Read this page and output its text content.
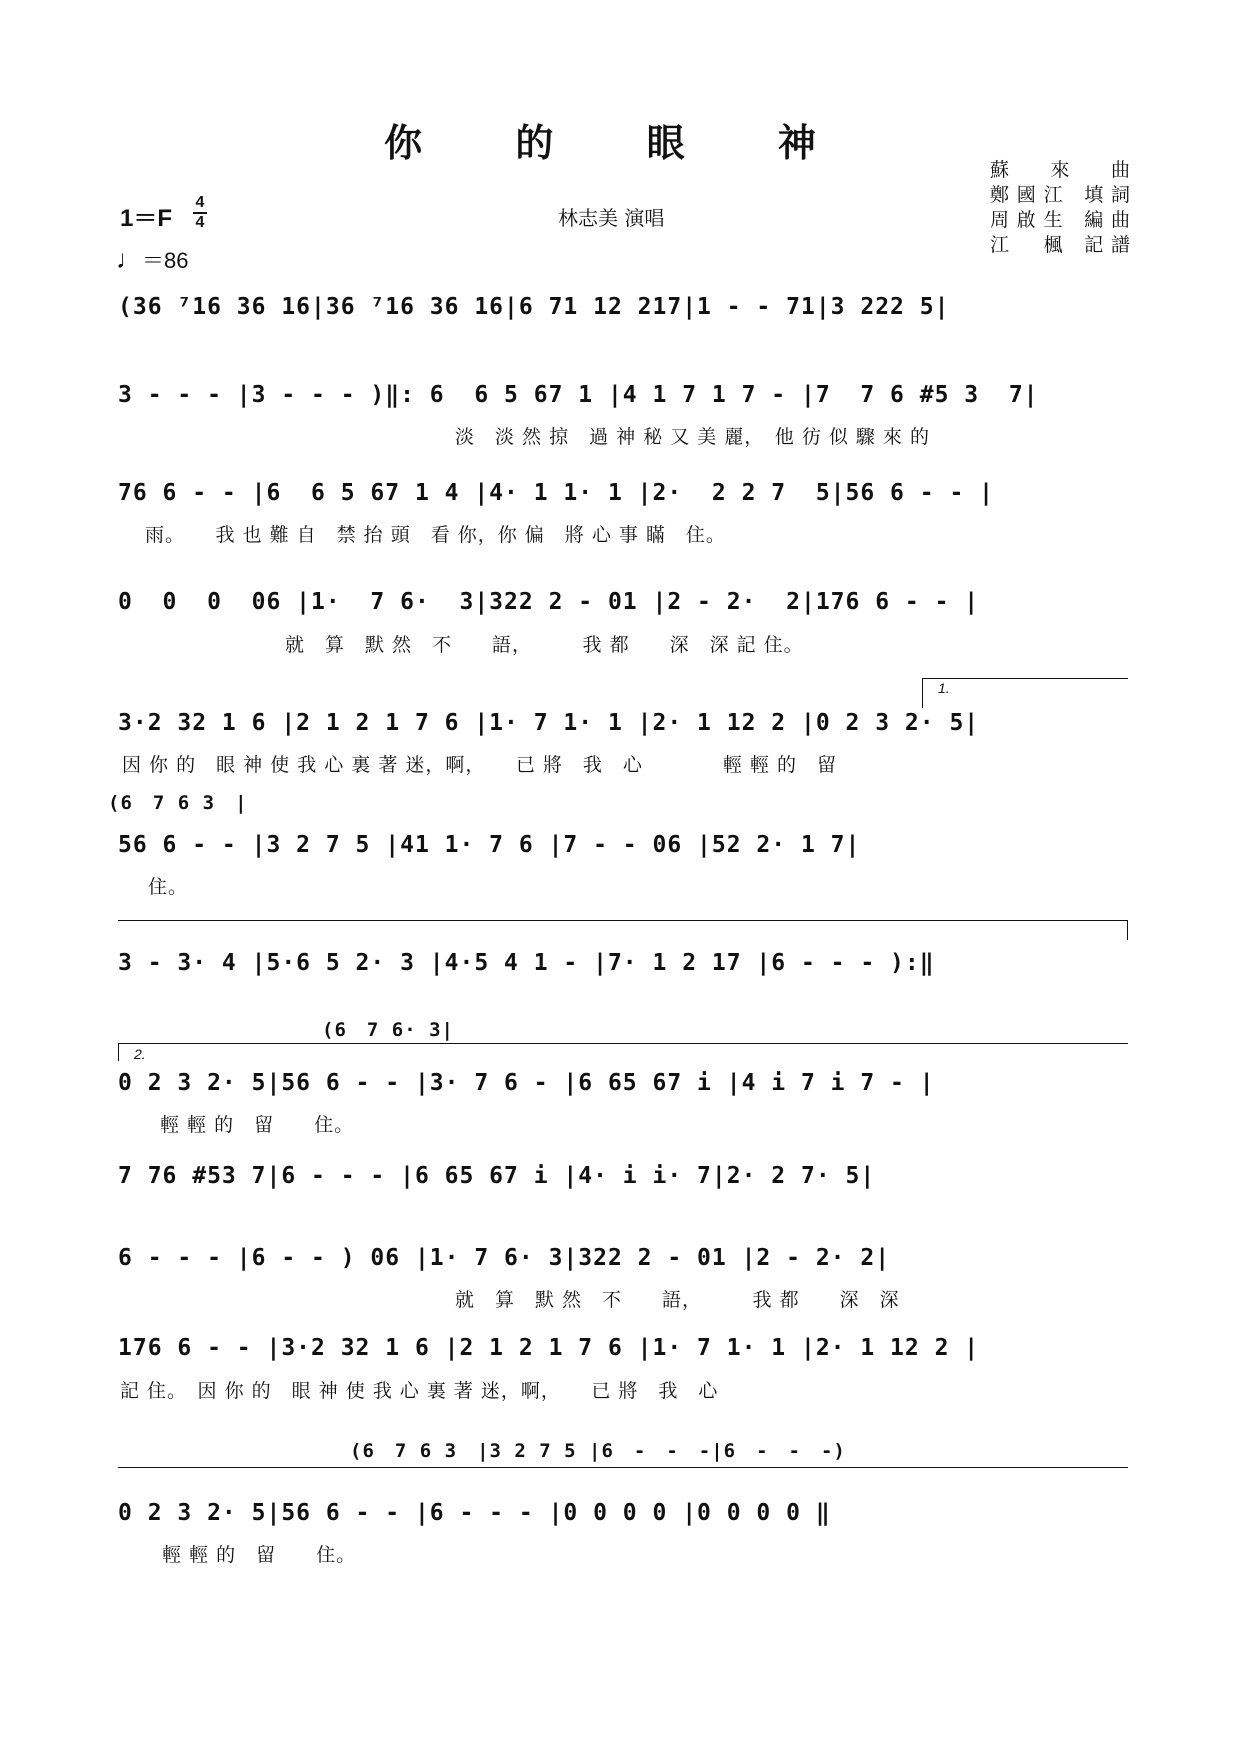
你 的 眼 神
林志美 演唱
蘇　來　曲
鄭國江 填詞
周啟生 編曲
江　楓 記譜
1＝F
4
4
♩＝86
(36 ⁷16 36 16|36 ⁷16 36 16|6 71 12 217|1 - - 71|3 222 5|
3 - - - |3 - - - )‖: 6  6 5 67 1 |4 1 7 1 7 - |7  7 6 #5 3  7|
淡　淡 然 掠　過 神 秘 又 美 麗，　他 彷 似 驟 來 的
76 6 - - |6  6 5 67 1 4 |4· 1 1· 1 |2·  2 2 7  5|56 6 - - |
雨。　　我 也 難 自　禁 抬 頭　看 你，你 偏　將 心 事 瞞　住。
0  0  0  06 |1·  7 6·  3|322 2 - 01 |2 - 2·  2|176 6 - - |
就　算　默 然　不　　語，　　　我 都　　深　深 記 住。
1.
3·2 32 1 6 |2 1 2 1 7 6 |1· 7 1· 1 |2· 1 12 2 |0 2 3 2· 5|
因 你 的　眼 神 使 我 心 裏 著 迷，啊，　　已 將　我　心　　　　輕 輕 的　留
(6　7 6 3　|
56 6 - - |3 2 7 5 |41 1· 7 6 |7 - - 06 |52 2· 1 7|
住。
3 - 3· 4 |5·6 5 2· 3 |4·5 4 1 - |7· 1 2 17 |6 - - - ):‖
(6　7 6· 3|
2.
0 2 3 2· 5|56 6 - - |3· 7 6 - |6 65 67 i |4 i 7 i 7 - |
輕 輕 的　留　　住。
7 76 #53 7|6 - - - |6 65 67 i |4· i i· 7|2· 2 7· 5|
6 - - - |6 - - ) 06 |1· 7 6· 3|322 2 - 01 |2 - 2· 2|
就　算　默 然　不　　語，　　　我 都　　深　深
176 6 - - |3·2 32 1 6 |2 1 2 1 7 6 |1· 7 1· 1 |2· 1 12 2 |
記 住。　因 你 的　眼 神 使 我 心 裏 著 迷，啊，　　已 將　我　心
(6　7 6 3　|3 2 7 5 |6　-　-　-|6　-　-　-)
0 2 3 2· 5|56 6 - - |6 - - - |0 0 0 0 |0 0 0 0 ‖
輕 輕 的　留　　住。
